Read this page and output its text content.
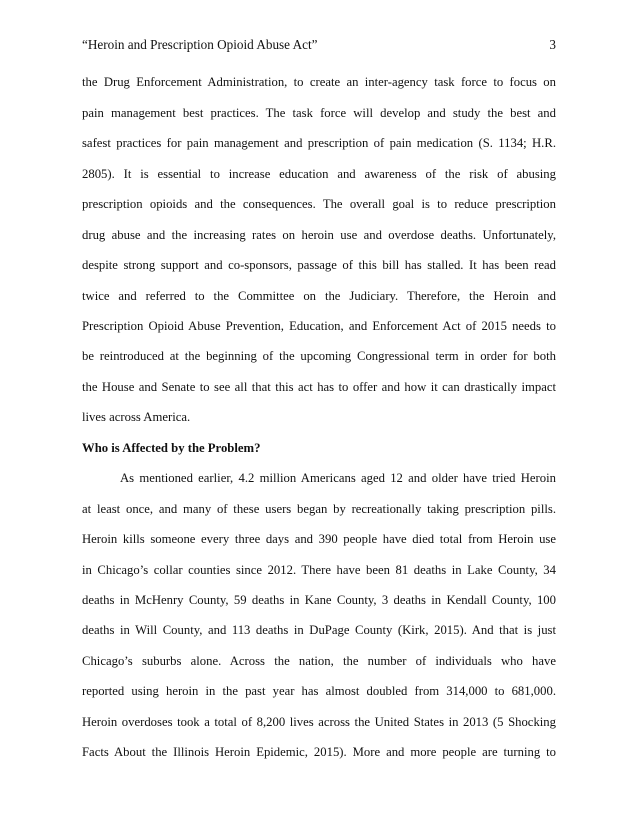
“Heroin and Prescription Opioid Abuse Act”	3
the Drug Enforcement Administration, to create an inter-agency task force to focus on
pain management best practices. The task force will develop and study the best and
safest practices for pain management and prescription of pain medication (S. 1134; H.R.
2805). It is essential to increase education and awareness of the risk of abusing
prescription opioids and the consequences. The overall goal is to reduce prescription
drug abuse and the increasing rates on heroin use and overdose deaths. Unfortunately,
despite strong support and co-sponsors, passage of this bill has stalled. It has been read
twice and referred to the Committee on the Judiciary. Therefore, the Heroin and
Prescription Opioid Abuse Prevention, Education, and Enforcement Act of 2015 needs to
be reintroduced at the beginning of the upcoming Congressional term in order for both
the House and Senate to see all that this act has to offer and how it can drastically impact
lives across America.
Who is Affected by the Problem?
As mentioned earlier, 4.2 million Americans aged 12 and older have tried Heroin
at least once, and many of these users began by recreationally taking prescription pills.
Heroin kills someone every three days and 390 people have died total from Heroin use
in Chicago’s collar counties since 2012. There have been 81 deaths in Lake County, 34
deaths in McHenry County, 59 deaths in Kane County, 3 deaths in Kendall County, 100
deaths in Will County, and 113 deaths in DuPage County (Kirk, 2015). And that is just
Chicago’s suburbs alone. Across the nation, the number of individuals who have
reported using heroin in the past year has almost doubled from 314,000 to 681,000.
Heroin overdoses took a total of 8,200 lives across the United States in 2013 (5 Shocking
Facts About the Illinois Heroin Epidemic, 2015). More and more people are turning to
